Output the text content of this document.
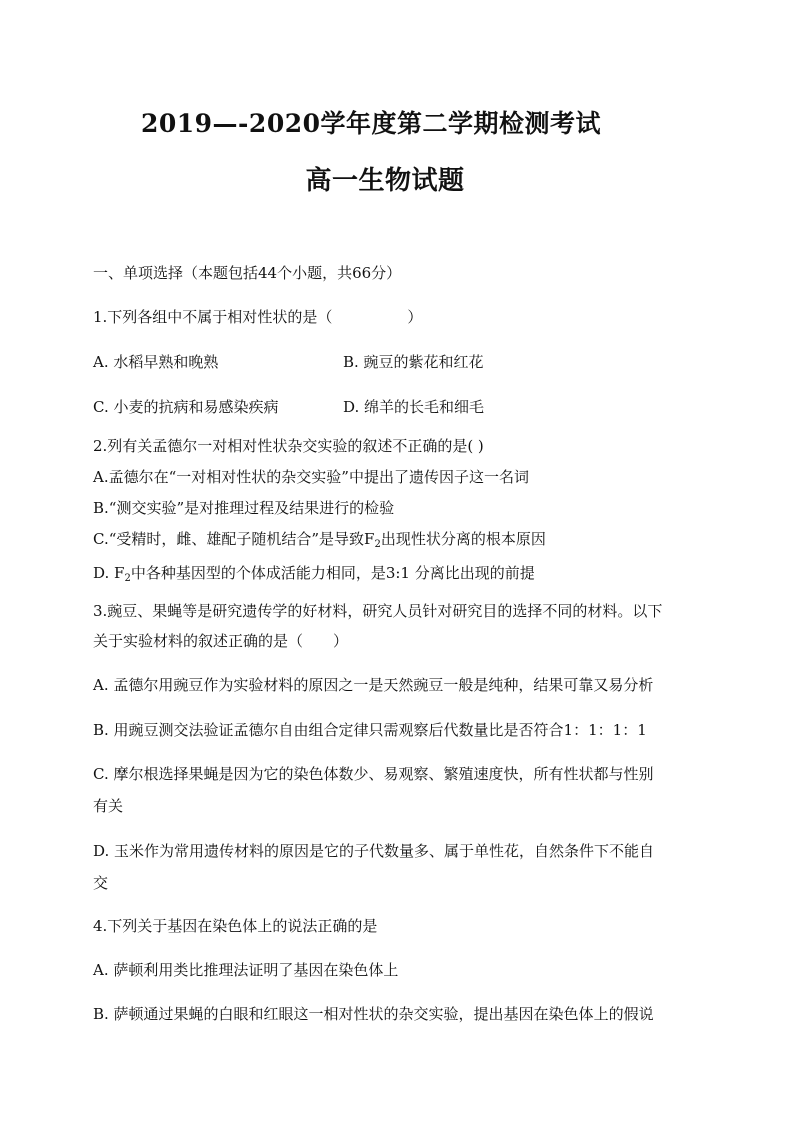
2019—-2020学年度第二学期检测考试
高一生物试题
一、单项选择（本题包括44个小题，共66分）
1.下列各组中不属于相对性状的是（　　　　　）
A. 水稻早熟和晚熟	B. 豌豆的紫花和红花
C. 小麦的抗病和易感染疾病	D. 绵羊的长毛和细毛
2.列有关孟德尔一对相对性状杂交实验的叙述不正确的是( )
A.孟德尔在“一对相对性状的杂交实验”中提出了遗传因子这一名词
B.“测交实验”是对推理过程及结果进行的检验
C.“受精时，雌、雄配子随机结合”是导致$F_2$出现性状分离的根本原因
D. $F_2$中各种基因型的个体成活能力相同，是3:1 分离比出现的前提
3.豌豆、果蝇等是研究遗传学的好材料，研究人员针对研究目的选择不同的材料。以下
关于实验材料的叙述正确的是（　　）
A. 孟德尔用豌豆作为实验材料的原因之一是天然豌豆一般是纯种，结果可靠又易分析
B. 用豌豆测交法验证孟德尔自由组合定律只需观察后代数量比是否符合1：1：1：1
C. 摩尔根选择果蝇是因为它的染色体数少、易观察、繁殖速度快，所有性状都与性别
有关
D. 玉米作为常用遗传材料的原因是它的子代数量多、属于单性花，自然条件下不能自
交
4.下列关于基因在染色体上的说法正确的是
A. 萨顿利用类比推理法证明了基因在染色体上
B. 萨顿通过果蝇的白眼和红眼这一相对性状的杂交实验，提出基因在染色体上的假说
